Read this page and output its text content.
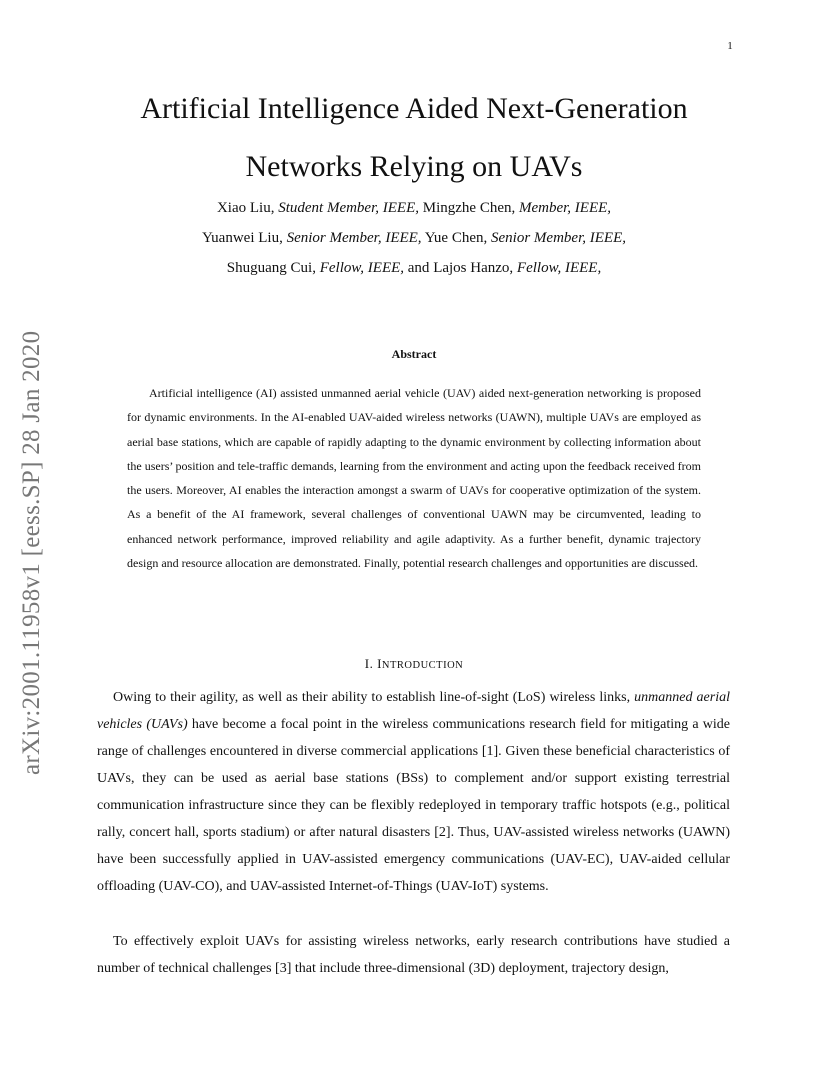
1
arXiv:2001.11958v1 [eess.SP] 28 Jan 2020
Artificial Intelligence Aided Next-Generation
Networks Relying on UAVs
Xiao Liu, Student Member, IEEE, Mingzhe Chen, Member, IEEE,
Yuanwei Liu, Senior Member, IEEE, Yue Chen, Senior Member, IEEE,
Shuguang Cui, Fellow, IEEE, and Lajos Hanzo, Fellow, IEEE,
Abstract

Artificial intelligence (AI) assisted unmanned aerial vehicle (UAV) aided next-generation networking is proposed for dynamic environments. In the AI-enabled UAV-aided wireless networks (UAWN), multiple UAVs are employed as aerial base stations, which are capable of rapidly adapting to the dynamic environment by collecting information about the users’ position and tele-traffic demands, learning from the environment and acting upon the feedback received from the users. Moreover, AI enables the interaction amongst a swarm of UAVs for cooperative optimization of the system. As a benefit of the AI framework, several challenges of conventional UAWN may be circumvented, leading to enhanced network performance, improved reliability and agile adaptivity. As a further benefit, dynamic trajectory design and resource allocation are demonstrated. Finally, potential research challenges and opportunities are discussed.

I. INTRODUCTION

Owing to their agility, as well as their ability to establish line-of-sight (LoS) wireless links, unmanned aerial vehicles (UAVs) have become a focal point in the wireless communications research field for mitigating a wide range of challenges encountered in diverse commercial applications [1]. Given these beneficial characteristics of UAVs, they can be used as aerial base stations (BSs) to complement and/or support existing terrestrial communication infrastructure since they can be flexibly redeployed in temporary traffic hotspots (e.g., political rally, concert hall, sports stadium) or after natural disasters [2]. Thus, UAV-assisted wireless networks (UAWN) have been successfully applied in UAV-assisted emergency communications (UAV-EC), UAV-aided cellular offloading (UAV-CO), and UAV-assisted Internet-of-Things (UAV-IoT) systems.

To effectively exploit UAVs for assisting wireless networks, early research contributions have studied a number of technical challenges [3] that include three-dimensional (3D) deployment, trajectory design,
